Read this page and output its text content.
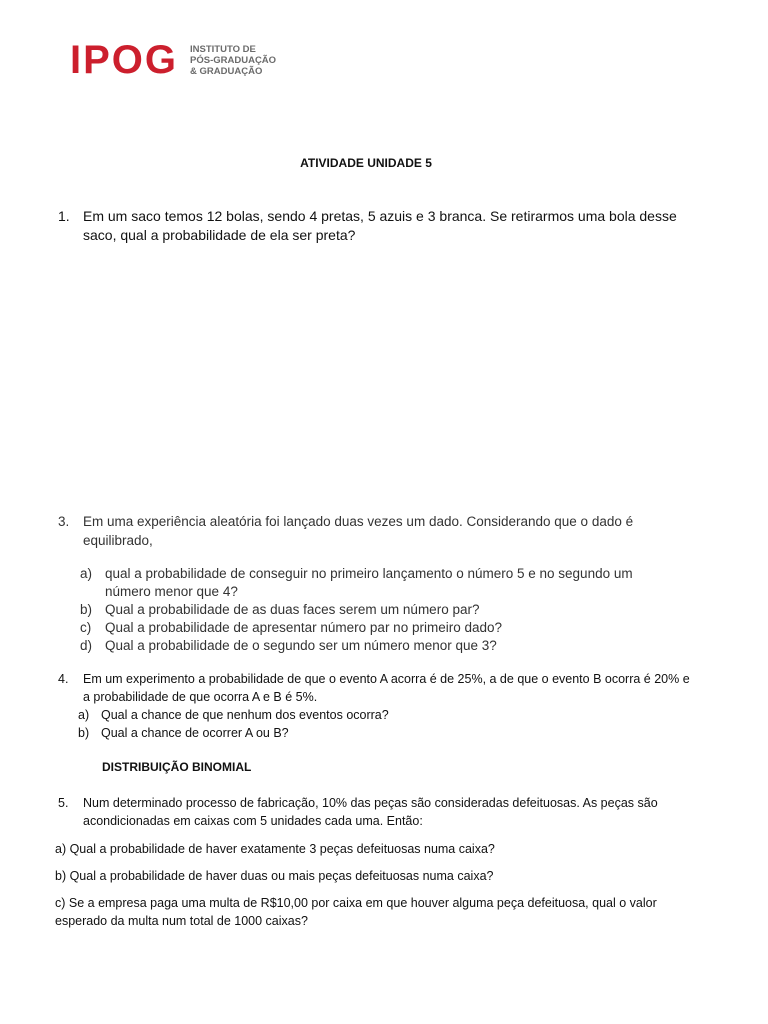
IPOG INSTITUTO DE
PÓS-GRADUAÇÃO
& GRADUAÇÃO
ATIVIDADE UNIDADE 5
1. Em um saco temos 12 bolas, sendo 4 pretas, 5 azuis e 3 branca. Se retirarmos uma bola desse saco, qual a probabilidade de ela ser preta?
3. Em uma experiência aleatória foi lançado duas vezes um dado. Considerando que o dado é equilibrado,
a) qual a probabilidade de conseguir no primeiro lançamento o número 5 e no segundo um número menor que 4?
b) Qual a probabilidade de as duas faces serem um número par?
c) Qual a probabilidade de apresentar número par no primeiro dado?
d) Qual a probabilidade de o segundo ser um número menor que 3?
4. Em um experimento a probabilidade de que o evento A acorra é de 25%, a de que o evento B ocorra é 20% e a probabilidade de que ocorra A e B é 5%.
a) Qual a chance de que nenhum dos eventos ocorra?
b) Qual a chance de ocorrer A ou B?
DISTRIBUIÇÃO BINOMIAL
5. Num determinado processo de fabricação, 10% das peças são consideradas defeituosas. As peças são acondicionadas em caixas com 5 unidades cada uma. Então:
a) Qual a probabilidade de haver exatamente 3 peças defeituosas numa caixa?
b) Qual a probabilidade de haver duas ou mais peças defeituosas numa caixa?
c) Se a empresa paga uma multa de R$10,00 por caixa em que houver alguma peça defeituosa, qual o valor esperado da multa num total de 1000 caixas?
